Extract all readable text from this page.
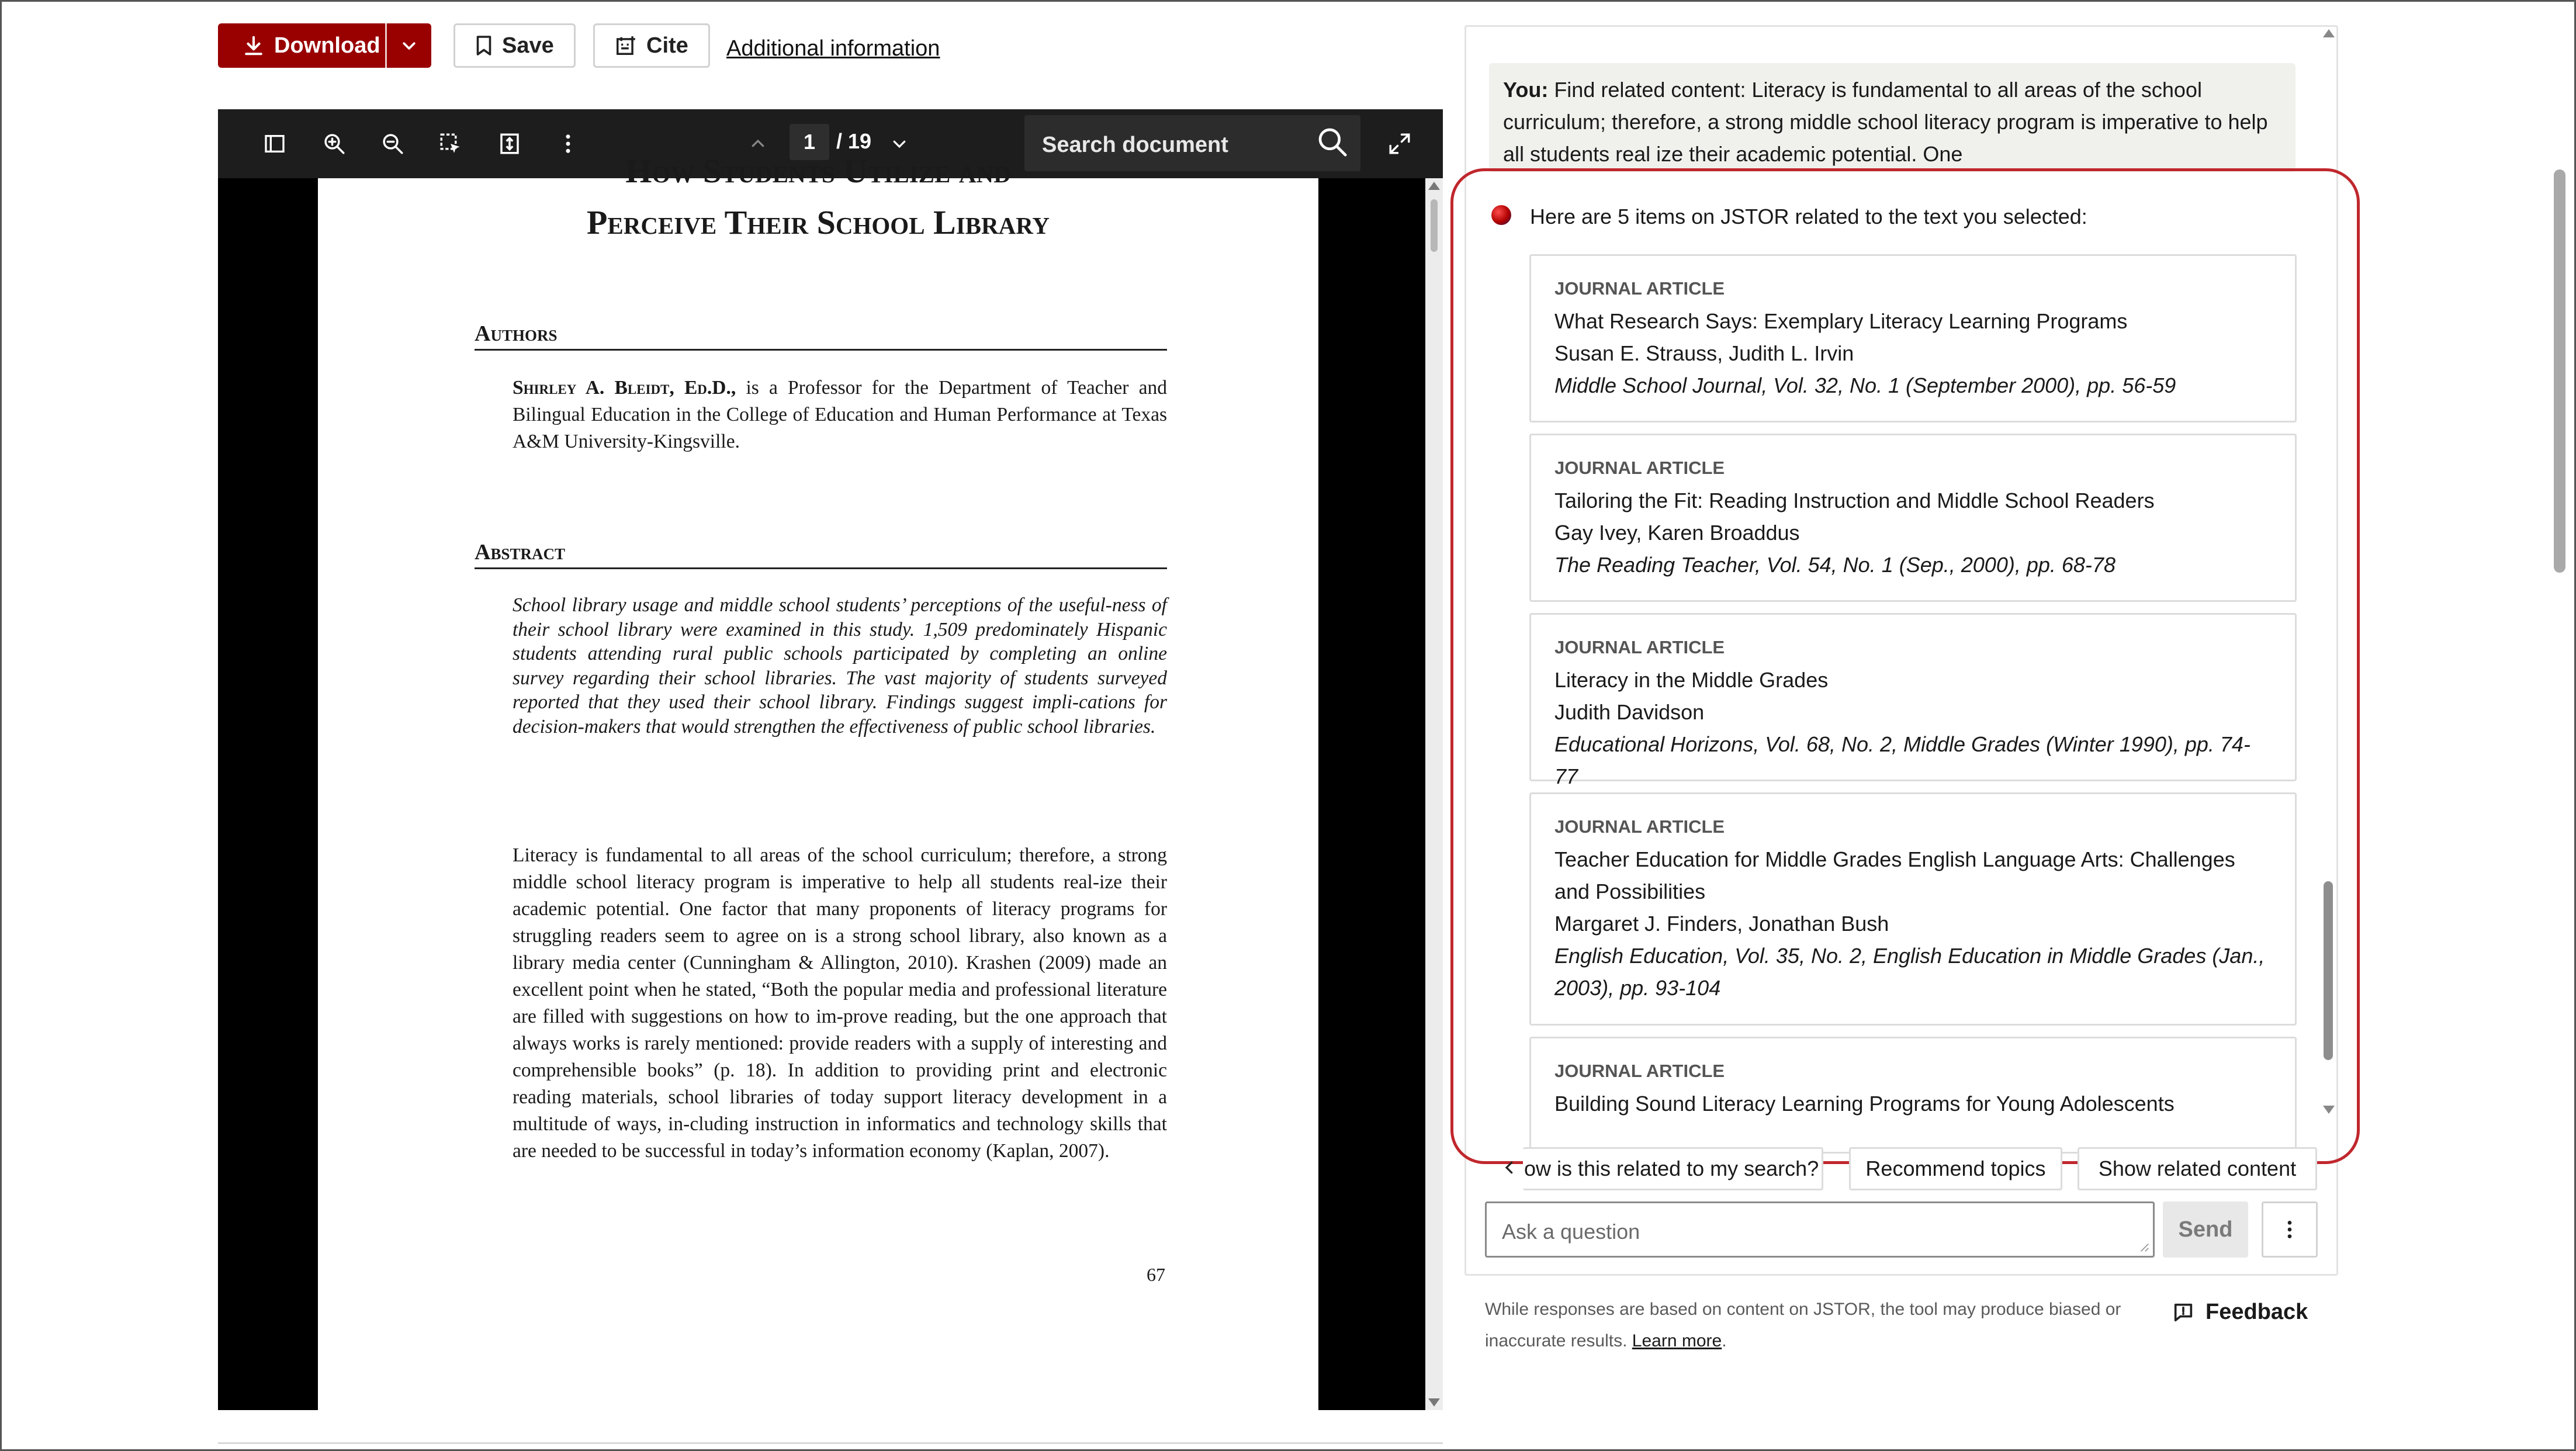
Download	Save	Cite Additional information
1 / 19	Search document
How Students Utilize and
Perceive Their School Library
Authors
Shirley A. Bleidt, Ed.D., is a Professor for the Department of Teacher and Bilingual Education in the College of Education and Human Performance at Texas A&M University-Kingsville.
Abstract
School library usage and middle school students’ perceptions of the useful-ness of their school library were examined in this study. 1,509 predominately Hispanic students attending rural public schools participated by completing an online survey regarding their school libraries. The vast majority of students surveyed reported that they used their school library. Findings suggest impli-cations for decision-makers that would strengthen the effectiveness of public school libraries.
Literacy is fundamental to all areas of the school curriculum; therefore, a strong middle school literacy program is imperative to help all students real-ize their academic potential. One factor that many proponents of literacy programs for struggling readers seem to agree on is a strong school library, also known as a library media center (Cunningham & Allington, 2010). Krashen (2009) made an excellent point when he stated, “Both the popular media and professional literature are filled with suggestions on how to im-prove reading, but the one approach that always works is rarely mentioned: provide readers with a supply of interesting and comprehensible books” (p. 18). In addition to providing print and electronic reading materials, school libraries of today support literacy development in a multitude of ways, in-cluding instruction in informatics and technology skills that are needed to be successful in today’s information economy (Kaplan, 2007).
67

You: Find related content: Literacy is fundamental to all areas of the school curriculum; therefore, a strong middle school literacy program is imperative to help all students real ize their academic potential. One

Here are 5 items on JSTOR related to the text you selected:
JOURNAL ARTICLE
What Research Says: Exemplary Literacy Learning Programs
Susan E. Strauss, Judith L. Irvin
Middle School Journal, Vol. 32, No. 1 (September 2000), pp. 56-59
JOURNAL ARTICLE
Tailoring the Fit: Reading Instruction and Middle School Readers
Gay Ivey, Karen Broaddus
The Reading Teacher, Vol. 54, No. 1 (Sep., 2000), pp. 68-78
JOURNAL ARTICLE
Literacy in the Middle Grades
Judith Davidson
Educational Horizons, Vol. 68, No. 2, Middle Grades (Winter 1990), pp. 74-77
JOURNAL ARTICLE
Teacher Education for Middle Grades English Language Arts: Challenges and Possibilities
Margaret J. Finders, Jonathan Bush
English Education, Vol. 35, No. 2, English Education in Middle Grades (Jan., 2003), pp. 93-104
JOURNAL ARTICLE
Building Sound Literacy Learning Programs for Young Adolescents
ow is this related to my search?	Recommend topics	Show related content
Ask a question	Send
While responses are based on content on JSTOR, the tool may produce biased or inaccurate results. Learn more.
Feedback
